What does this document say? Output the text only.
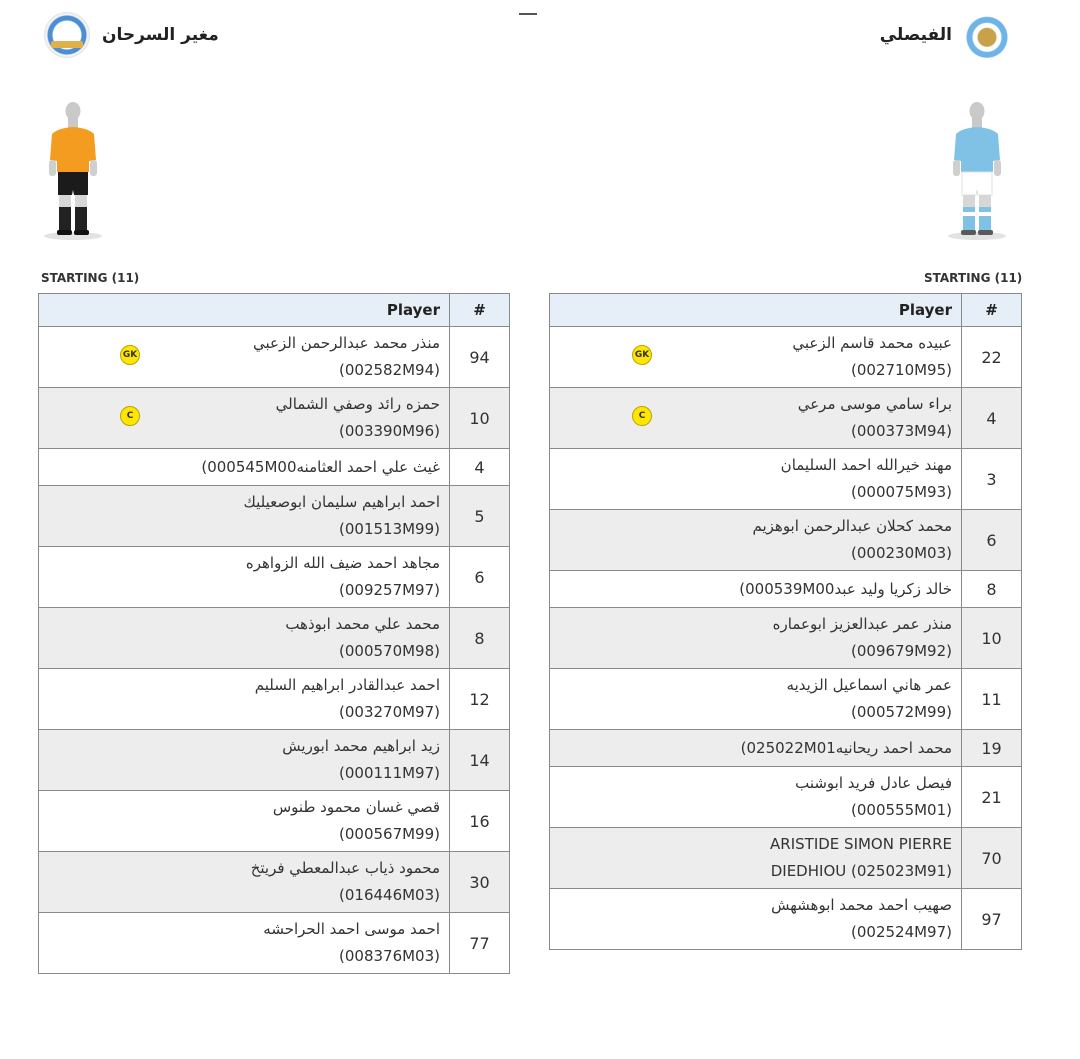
مغير السرحان	الفيصلي
STARTING (11)	STARTING (11)
Player	#

منذر محمد عبدالرحمن الزعبي
(002582M94)
GK	94

حمزه رائد وصفي الشمالي
(003390M96)
C	10

(000545M00غيث علي احمد العثامنه	4

احمد ابراهيم سليمان ابوصعيليك
(001513M99)	5

مجاهد احمد ضيف الله الزواهره
(009257M97)	6

محمد علي محمد ابوذهب
(000570M98)	8

احمد عبدالقادر ابراهيم السليم
(003270M97)	12

زيد ابراهيم محمد ابوريش
(000111M97)	14

قصي غسان محمود طنوس
(000567M99)	16

محمود ذياب عبدالمعطي فريتخ
(016446M03)	30

احمد موسى احمد الحراحشه
(008376M03)	77
Player	#

عبيده محمد قاسم الزعبي
(002710M95)
GK	22

براء سامي موسى مرعي
(000373M94)
C	4

مهند خيرالله احمد السليمان
(000075M93)	3

محمد كحلان عبدالرحمن ابوهزيم
(000230M03)	6

(000539M00خالد زكريا وليد عبد	8

منذر عمر عبدالعزيز ابوعماره
(009679M92)	10

عمر هاني اسماعيل الزيديه
(000572M99)	11

(025022M01محمد احمد ريحانيه	19

فيصل عادل فريد ابوشنب
(000555M01)	21

ARISTIDE SIMON PIERRE
DIEDHIOU (025023M91)	70

صهيب احمد محمد ابوهشهش
(002524M97)	97
